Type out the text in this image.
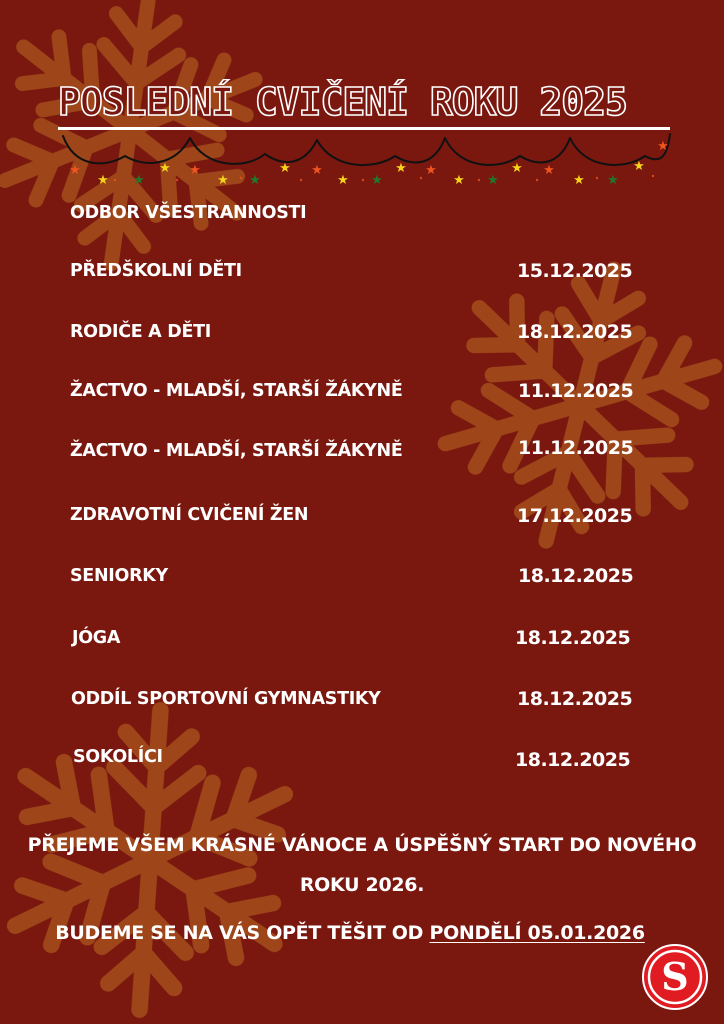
POSLEDNÍ CVIČENÍ ROKU 2025
★
★ ★
★ ★
★ ★
★ ★
★ ★
★ ★
★ ★
★ ★
★ ★
★
★
ODBOR VŠESTRANNOSTI
PŘEDŠKOLNÍ DĚTI	15.12.2025
RODIČE A DĚTI	18.12.2025
ŽACTVO - MLADŠÍ, STARŠÍ ŽÁKYNĚ	11.12.2025
ŽACTVO - MLADŠÍ, STARŠÍ ŽÁKYNĚ	11.12.2025
ZDRAVOTNÍ CVIČENÍ ŽEN	17.12.2025
SENIORKY	18.12.2025
JÓGA	18.12.2025
ODDÍL SPORTOVNÍ GYMNASTIKY	18.12.2025
SOKOLÍCI	18.12.2025
PŘEJEME VŠEM KRÁSNÉ VÁNOCE A ÚSPĚŠNÝ START DO NOVÉHO
ROKU 2026.
BUDEME SE NA VÁS OPĚT TĚŠIT OD PONDĚLÍ 05.01.2026
S
